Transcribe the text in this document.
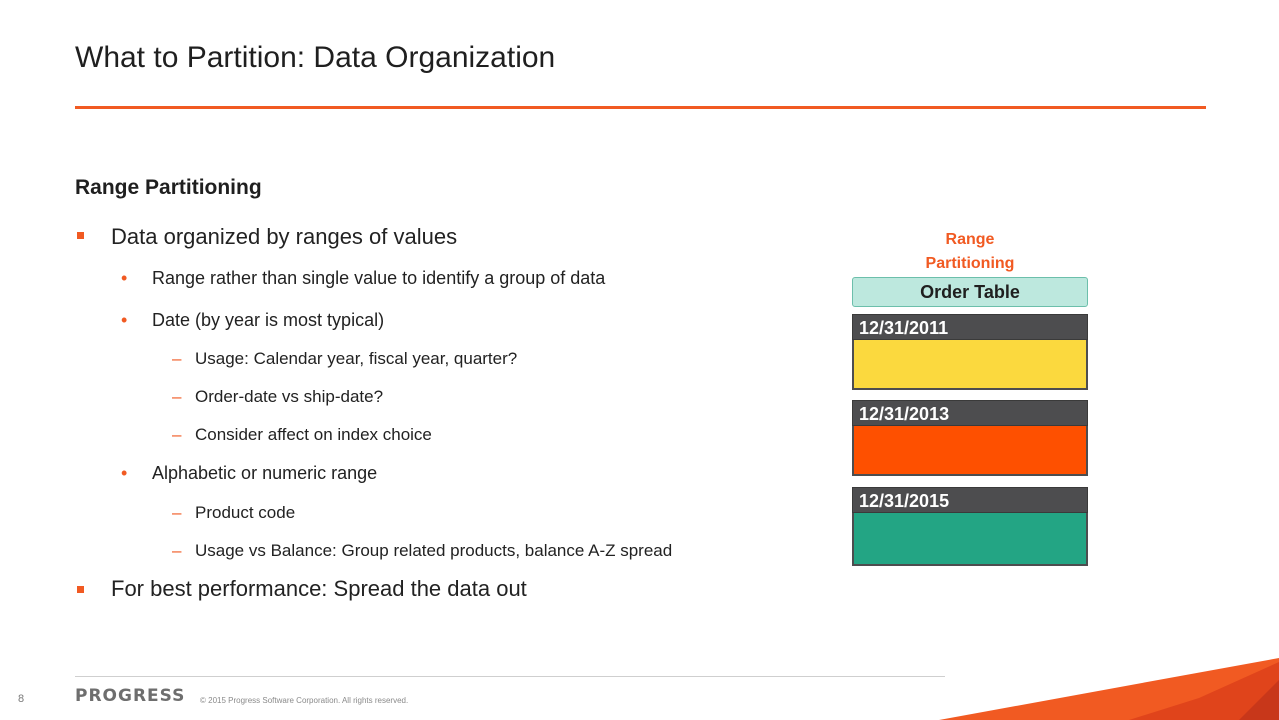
What to Partition: Data Organization
Range Partitioning
Data organized by ranges of values
• Range rather than single value to identify a group of data
• Date (by year is most typical)
– Usage: Calendar year, fiscal year, quarter?
– Order-date vs ship-date?
– Consider affect on index choice
• Alphabetic or numeric range
– Product code
– Usage vs Balance: Group related products, balance A-Z spread
For best performance: Spread the data out
Range
Partitioning
Order Table
12/31/2011
12/31/2013
12/31/2015
8	PROGRESS © 2015 Progress Software Corporation. All rights reserved.
